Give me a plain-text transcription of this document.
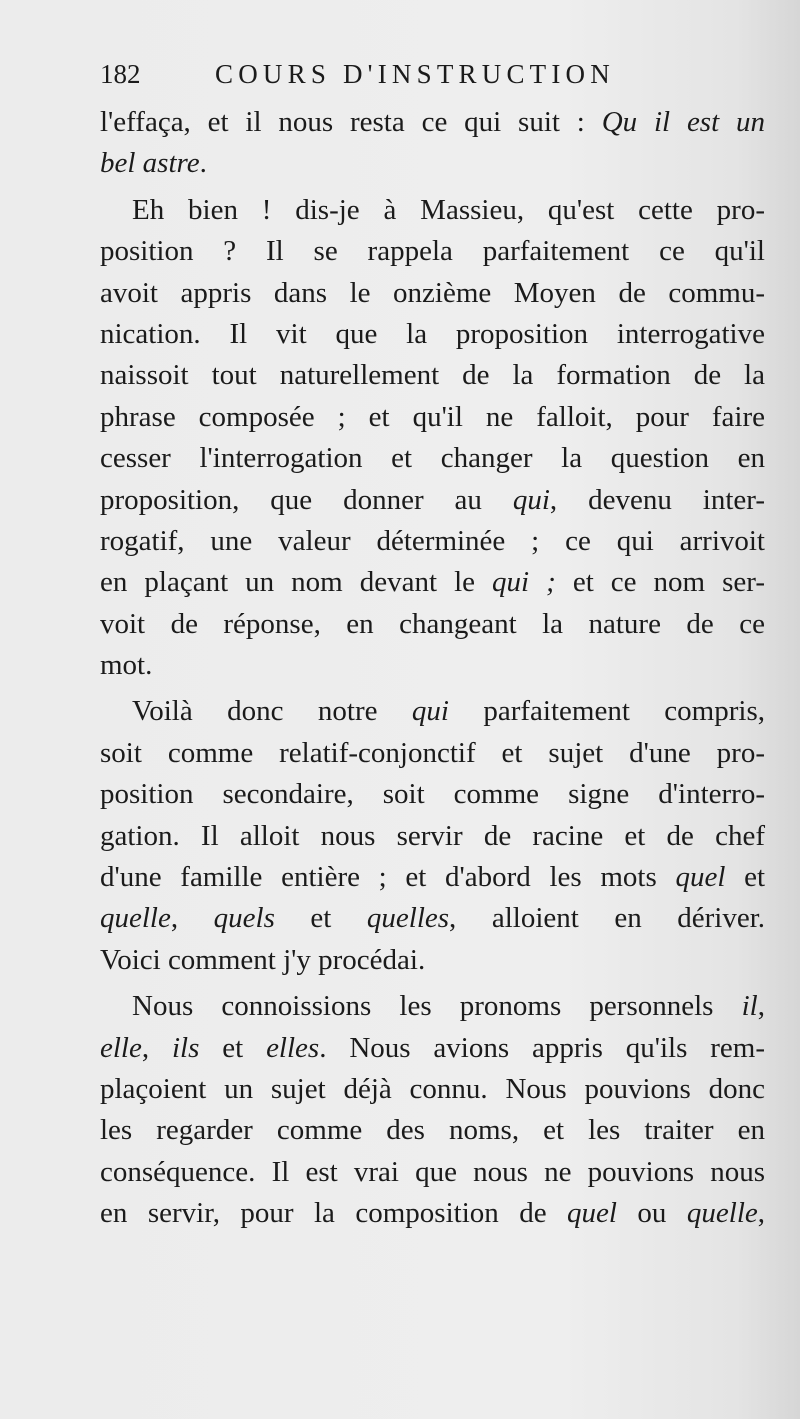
182	COURS D'INSTRUCTION
l'effaça, et il nous resta ce qui suit : Qu il est un
bel astre.
Eh bien ! dis-je à Massieu, qu'est cette pro-
position ? Il se rappela parfaitement ce qu'il
avoit appris dans le onzième Moyen de commu-
nication. Il vit que la proposition interrogative
naissoit tout naturellement de la formation de la
phrase composée ; et qu'il ne falloit, pour faire
cesser l'interrogation et changer la question en
proposition, que donner au qui, devenu inter-
rogatif, une valeur déterminée ; ce qui arrivoit
en plaçant un nom devant le qui ; et ce nom ser-
voit de réponse, en changeant la nature de ce
mot.
Voilà donc notre qui parfaitement compris,
soit comme relatif-conjonctif et sujet d'une pro-
position secondaire, soit comme signe d'interro-
gation. Il alloit nous servir de racine et de chef
d'une famille entière ; et d'abord les mots quel et
quelle, quels et quelles, alloient en dériver.
Voici comment j'y procédai.
Nous connoissions les pronoms personnels il,
elle, ils et elles. Nous avions appris qu'ils rem-
plaçoient un sujet déjà connu. Nous pouvions donc
les regarder comme des noms, et les traiter en
conséquence. Il est vrai que nous ne pouvions nous
en servir, pour la composition de quel ou quelle,
